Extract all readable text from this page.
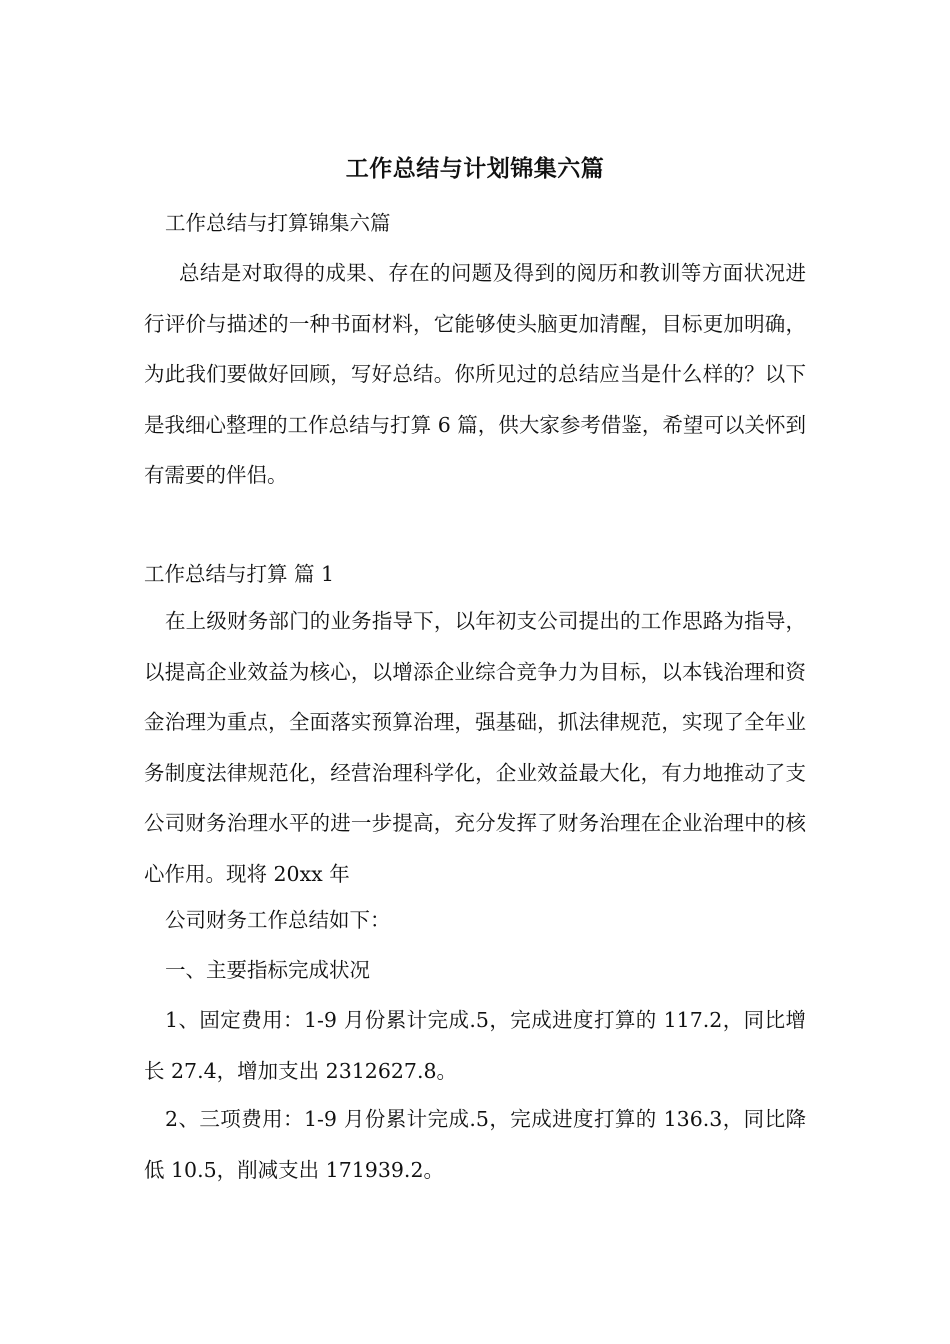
工作总结与计划锦集六篇
工作总结与打算锦集六篇
总结是对取得的成果、存在的问题及得到的阅历和教训等方面状况进行评价与描述的一种书面材料，它能够使头脑更加清醒，目标更加明确，为此我们要做好回顾，写好总结。你所见过的总结应当是什么样的？以下是我细心整理的工作总结与打算 6 篇，供大家参考借鉴，希望可以关怀到有需要的伴侣。
工作总结与打算 篇 1
在上级财务部门的业务指导下，以年初支公司提出的工作思路为指导，以提高企业效益为核心，以增添企业综合竞争力为目标，以本钱治理和资金治理为重点，全面落实预算治理，强基础，抓法律规范，实现了全年业务制度法律规范化，经营治理科学化，企业效益最大化，有力地推动了支公司财务治理水平的进一步提高，充分发挥了财务治理在企业治理中的核心作用。现将 20xx 年
公司财务工作总结如下：
一、主要指标完成状况
1、固定费用：1-9 月份累计完成.5，完成进度打算的 117.2，同比增长 27.4，增加支出 2312627.8。
2、三项费用：1-9 月份累计完成.5，完成进度打算的 136.3，同比降低 10.5，削减支出 171939.2。
